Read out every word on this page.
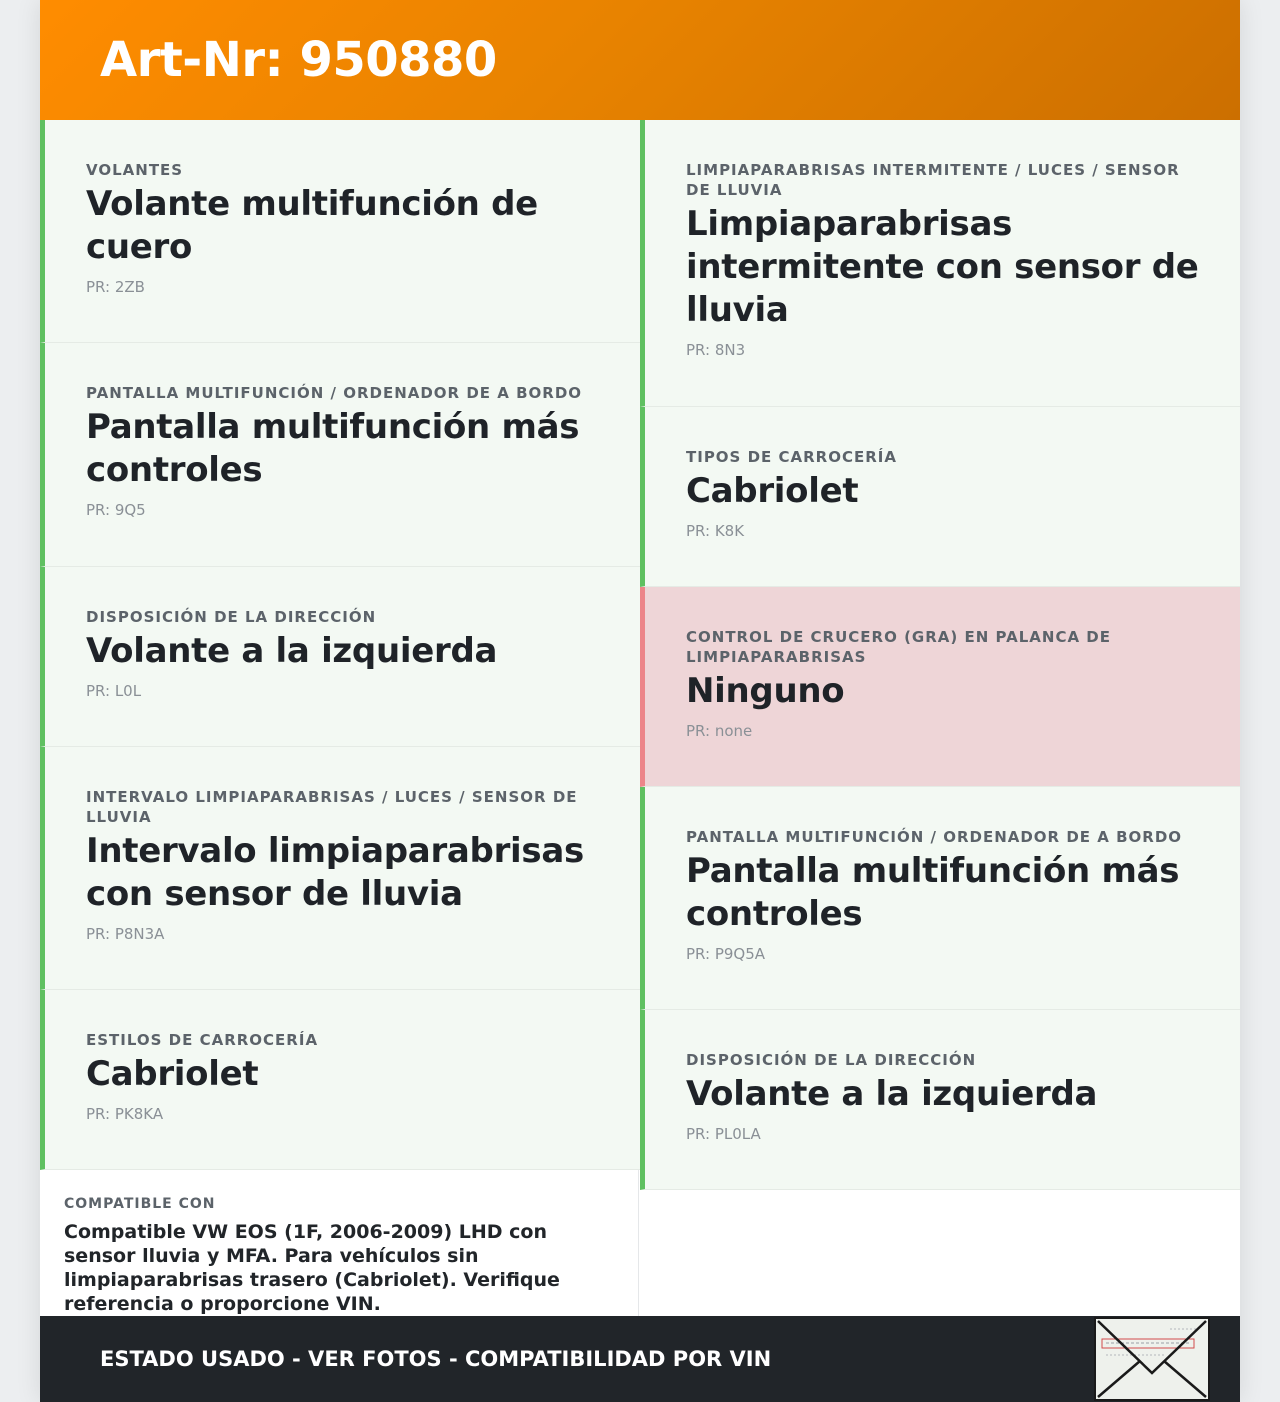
Art-Nr: 950880
VOLANTES
Volante multifunción de cuero
PR: 2ZB
PANTALLA MULTIFUNCIÓN / ORDENADOR DE A BORDO
Pantalla multifunción más controles
PR: 9Q5
DISPOSICIÓN DE LA DIRECCIÓN
Volante a la izquierda
PR: L0L
INTERVALO LIMPIAPARABRISAS / LUCES / SENSOR DE LLUVIA
Intervalo limpiaparabrisas con sensor de lluvia
PR: P8N3A
ESTILOS DE CARROCERÍA
Cabriolet
PR: PK8KA
LIMPIAPARABRISAS INTERMITENTE / LUCES / SENSOR DE LLUVIA
Limpiaparabrisas intermitente con sensor de lluvia
PR: 8N3
TIPOS DE CARROCERÍA
Cabriolet
PR: K8K
CONTROL DE CRUCERO (GRA) EN PALANCA DE LIMPIAPARABRISAS
Ninguno
PR: none
PANTALLA MULTIFUNCIÓN / ORDENADOR DE A BORDO
Pantalla multifunción más controles
PR: P9Q5A
DISPOSICIÓN DE LA DIRECCIÓN
Volante a la izquierda
PR: PL0LA
COMPATIBLE CON
Compatible VW EOS (1F, 2006-2009) LHD con sensor lluvia y MFA. Para vehículos sin limpiaparabrisas trasero (Cabriolet). Verifique referencia o proporcione VIN.
ESTADO USADO - VER FOTOS - COMPATIBILIDAD POR VIN
